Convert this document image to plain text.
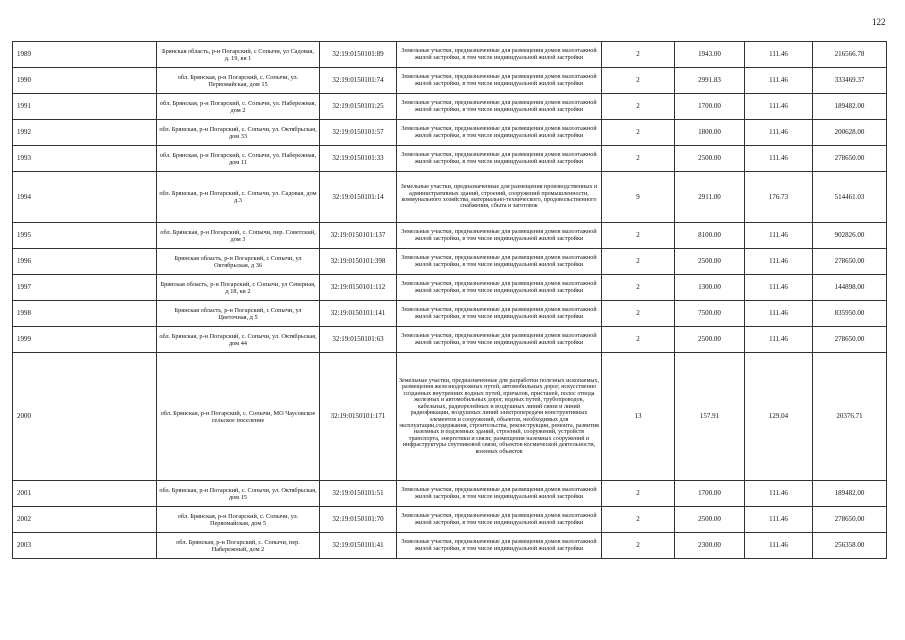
122
1989	Брянская область, р-н Погарский, с Сопычи, ул Садовая, д. 19, кв 1	32:19:0150101:89	Земельные участки, предназначенные для размещения домов малоэтажной жилой застройки, в том числе индивидуальной жилой застройки	2	1943.00	111.46	216566.78
1990	обл. Брянская, р-н Погарский, с. Сопычи, ул. Первомайская, дом 15	32:19:0150101:74	Земельные участки, предназначенные для размещения домов малоэтажной жилой застройки, в том числе индивидуальной жилой застройки	2	2991.83	111.46	333469.37
1991	обл. Брянская, р-н Погарский, с. Сопычи, ул. Набережная, дом 2	32:19:0150101:25	Земельные участки, предназначенные для размещения домов малоэтажной жилой застройки, в том числе индивидуальной жилой застройки	2	1700.00	111.46	189482.00
1992	обл. Брянская, р-н Погарский, с. Сопычи, ул. Октябрьская, дом 33	32:19:0150101:57	Земельные участки, предназначенные для размещения домов малоэтажной жилой застройки, в том числе индивидуальной жилой застройки	2	1800.00	111.46	200628.00
1993	обл. Брянская, р-н Погарский, с. Сопычи, ул. Набережная, дом 11	32:19:0150101:33	Земельные участки, предназначенные для размещения домов малоэтажной жилой застройки, в том числе индивидуальной жилой застройки	2	2500.00	111.46	278650.00
1994	обл. Брянская, р-н Погарский, с. Сопычи, ул. Садовая, дом д.3	32:19:0150101:14	Земельные участки, предназначенные для размещения производственных и административных зданий, строений, сооружений промышленности, коммунального хозяйства, материально-технического, продовольственного снабжения, сбыта и заготовок	9	2911.00	176.73	514461.03
1995	обл. Брянская, р-н Погарский, с. Сопычи, пер. Советский, дом 3	32:19:0150101:137	Земельные участки, предназначенные для размещения домов малоэтажной жилой застройки, в том числе индивидуальной жилой застройки	2	8100.00	111.46	902826.00
1996	Брянская область, р-н Погарский, с Сопычи, ул Октябрьская, д 36	32:19:0150101:398	Земельные участки, предназначенные для размещения домов малоэтажной жилой застройки, в том числе индивидуальной жилой застройки	2	2500.00	111.46	278650.00
1997	Брянская область, р-н Погарский, с Сопычи, ул Северная, д 18, кв 2	32:19:0150101:112	Земельные участки, предназначенные для размещения домов малоэтажной жилой застройки, в том числе индивидуальной жилой застройки	2	1300.00	111.46	144898.00
1998	Брянская область, р-н Погарский, с Сопычи, ул Цветочная, д 5	32:19:0150101:141	Земельные участки, предназначенные для размещения домов малоэтажной жилой застройки, в том числе индивидуальной жилой застройки	2	7500.00	111.46	835950.00
1999	обл. Брянская, р-н Погарский, с. Сопычи, ул. Октябрьская, дом 44	32:19:0150101:63	Земельные участки, предназначенные для размещения домов малоэтажной жилой застройки, в том числе индивидуальной жилой застройки	2	2500.00	111.46	278650.00
2000	обл. Брянская, р-н Погарский, с. Сопычи, МО Чаусовское сельское поселение	32:19:0150101:171	Земельные участки, предназначенные для разработки полезных ископаемых, размещения железнодорожных путей, автомобильных дорог, искусственно созданных внутренних водных путей, причалов, пристаней, полос отвода железных и автомобильных дорог, водных путей, трубопроводов, кабельных, радиорелейных и воздушных линий связи и линий радиофикации, воздушных линий электропередачи конструктивных элементов и сооружений, объектов, необходимых для эксплуатации,содержания, строительства, реконструкции, ремонта, развития наземных и подземных зданий, строений, сооружений, устройств транспорта, энергетики и связи; размещения наземных сооружений и инфраструктуры спутниковой связи, объектов космической деятельности, военных объектов	13	157.91	129.04	20376.71
2001	обл. Брянская, р-н Погарский, с. Сопычи, ул. Октябрьская, дом 15	32:19:0150101:51	Земельные участки, предназначенные для размещения домов малоэтажной жилой застройки, в том числе индивидуальной жилой застройки	2	1700.00	111.46	189482.00
2002	обл. Брянская, р-н Погарский, с. Сопычи, ул. Первомайская, дом 5	32:19:0150101:70	Земельные участки, предназначенные для размещения домов малоэтажной жилой застройки, в том числе индивидуальной жилой застройки	2	2500.00	111.46	278650.00
2003	обл. Брянская, р-н Погарский, с. Сопычи, пер. Набережный, дом 2	32:19:0150101:41	Земельные участки, предназначенные для размещения домов малоэтажной жилой застройки, в том числе индивидуальной жилой застройки	2	2300.00	111.46	256358.00
